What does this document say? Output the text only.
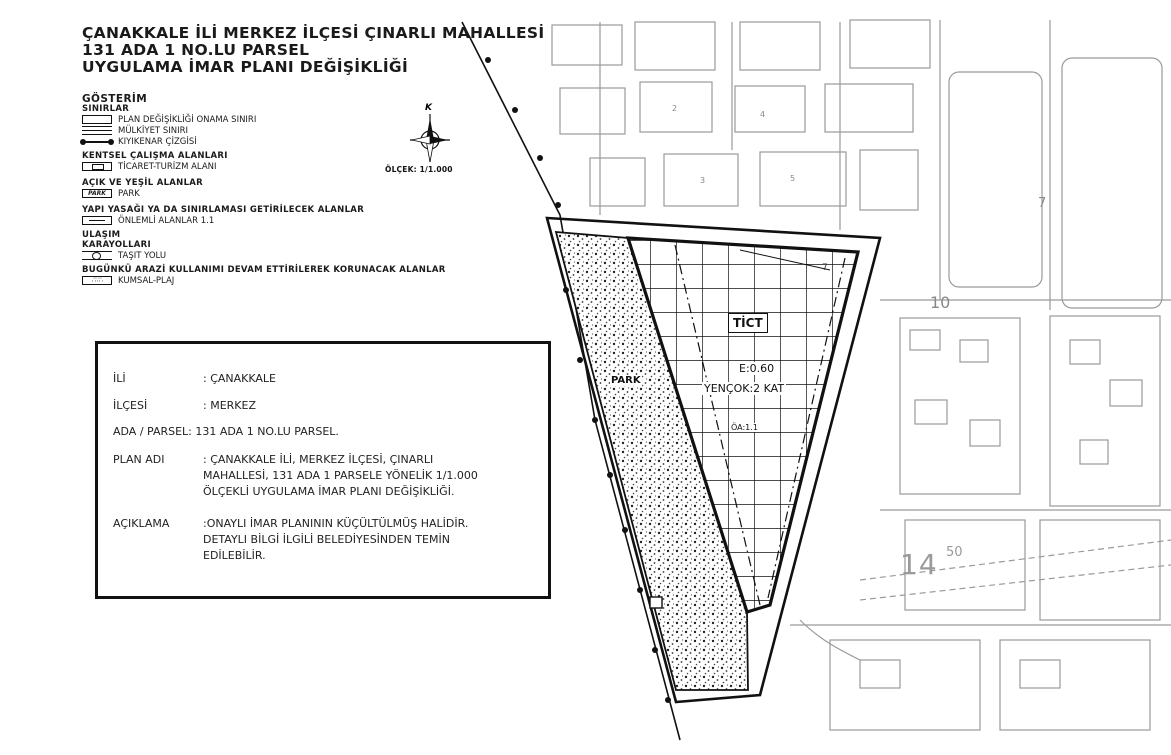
ÇANAKKALE İLİ MERKEZ İLÇESİ ÇINARLI MAHALLESİ
131 ADA 1 NO.LU PARSEL
UYGULAMA İMAR PLANI DEĞİŞİKLİĞİ
GÖSTERİM
SINIRLAR
PLAN DEĞİŞİKLİĞİ ONAMA SINIRI
MÜLKİYET SINIRI
KIYIKENAR ÇİZGİSİ
KENTSEL ÇALIŞMA ALANLARI
TİCARET-TURİZM ALANI
AÇIK VE YEŞİL ALANLAR
PARK	PARK
YAPI YASAĞI YA DA SINIRLAMASI GETİRİLECEK ALANLAR
ÖNLEMLİ ALANLAR 1.1
ULAŞIM
KARAYOLLARI
TAŞIT YOLU
BUGÜNKÜ ARAZİ KULLANIMI DEVAM ETTİRİLEREK KORUNACAK ALANLAR
∴∵∴	KUMSAL-PLAJ
K
ÖLÇEK: 1/1.000
İLİ	: ÇANAKKALE
İLÇESİ	: MERKEZ
ADA / PARSEL: 131 ADA 1 NO.LU PARSEL.
PLAN ADI	: ÇANAKKALE İLİ, MERKEZ İLÇESİ, ÇINARLI
MAHALLESİ, 131 ADA 1 PARSELE YÖNELİK 1/1.000
ÖLÇEKLİ UYGULAMA İMAR PLANI DEĞİŞİKLİĞİ.
AÇIKLAMA	:ONAYLI İMAR PLANININ KÜÇÜLTÜLMÜŞ HALİDİR.
DETAYLI BİLGİ İLGİLİ BELEDİYESİNDEN TEMİN
EDİLEBİLİR.
TİCT
E:0.60
YENÇOK:2 KAT
ÖA:1.1
PARK
7
10
14 50
2
4
3	5
7
